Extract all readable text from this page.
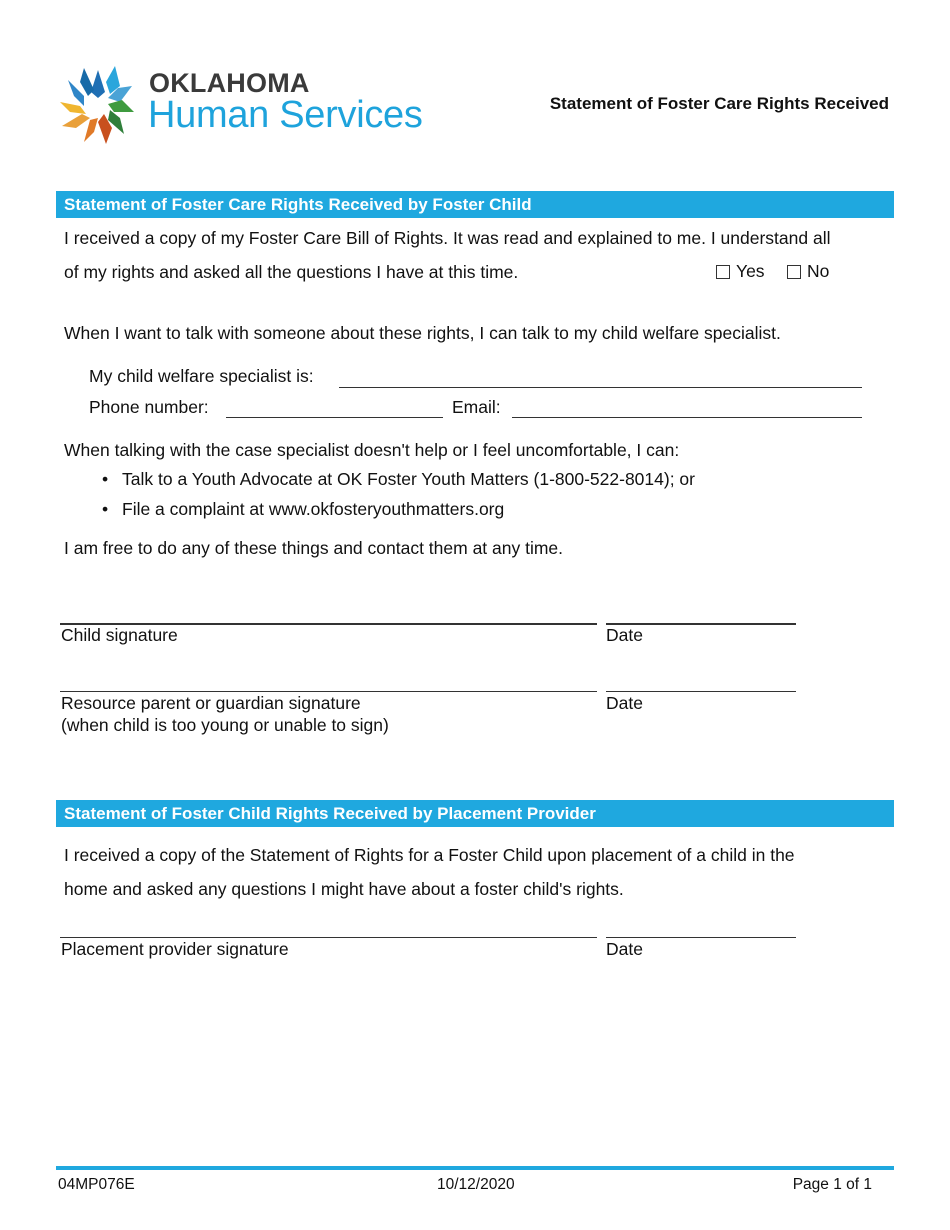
OKLAHOMA
Human Services	Statement of Foster Care Rights Received
Statement of Foster Care Rights Received by Foster Child
I received a copy of my Foster Care Bill of Rights. It was read and explained to me. I understand all
of my rights and asked all the questions I have at this time.	Yes	No
When I want to talk with someone about these rights, I can talk to my child welfare specialist.
My child welfare specialist is:
Phone number:	Email:
When talking with the case specialist doesn't help or I feel uncomfortable, I can:
• Talk to a Youth Advocate at OK Foster Youth Matters (1-800-522-8014); or
• File a complaint at www.okfosteryouthmatters.org
I am free to do any of these things and contact them at any time.
Child signature	Date
Resource parent or guardian signature
(when child is too young or unable to sign)
Date
Statement of Foster Child Rights Received by Placement Provider
I received a copy of the Statement of Rights for a Foster Child upon placement of a child in the
home and asked any questions I might have about a foster child's rights.
Placement provider signature	Date
04MP076E	10/12/2020	Page 1 of 1
